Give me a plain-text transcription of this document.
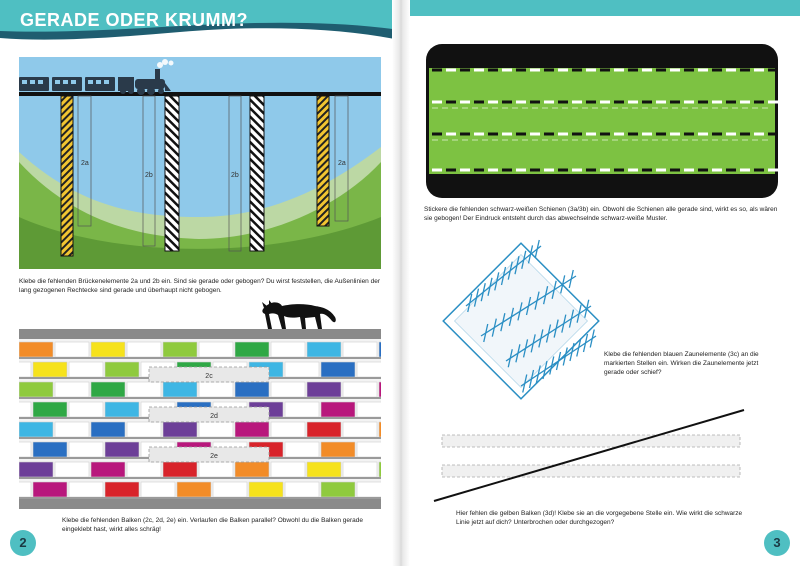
GERADE ODER KRUMM?
2a
2b	2b
2a
Klebe die fehlenden Brückenelemente 2a und 2b ein. Sind sie gerade oder gebogen? Du wirst feststellen, die Außenlinien der lang gezogenen Rechtecke sind gerade und überhaupt nicht gebogen.
2c
2d
2e
Klebe die fehlenden Balken (2c, 2d, 2e) ein. Verlaufen die Balken parallel? Obwohl du die Balken gerade eingeklebt hast, wirkt alles schräg!
2
Stickere die fehlenden schwarz-weißen Schienen (3a/3b) ein. Obwohl die Schienen alle gerade sind, wirkt es so, als wären sie gebogen! Der Eindruck entsteht durch das abwechselnde schwarz-weiße Muster.
Klebe die fehlenden blauen Zaunelemente (3c) an die markierten Stellen ein. Wirken die Zaunelemente jetzt gerade oder schief?
Hier fehlen die gelben Balken (3d)! Klebe sie an die vorgegebene Stelle ein. Wie wirkt die schwarze Linie jetzt auf dich? Unterbrochen oder durchgezogen?
3
